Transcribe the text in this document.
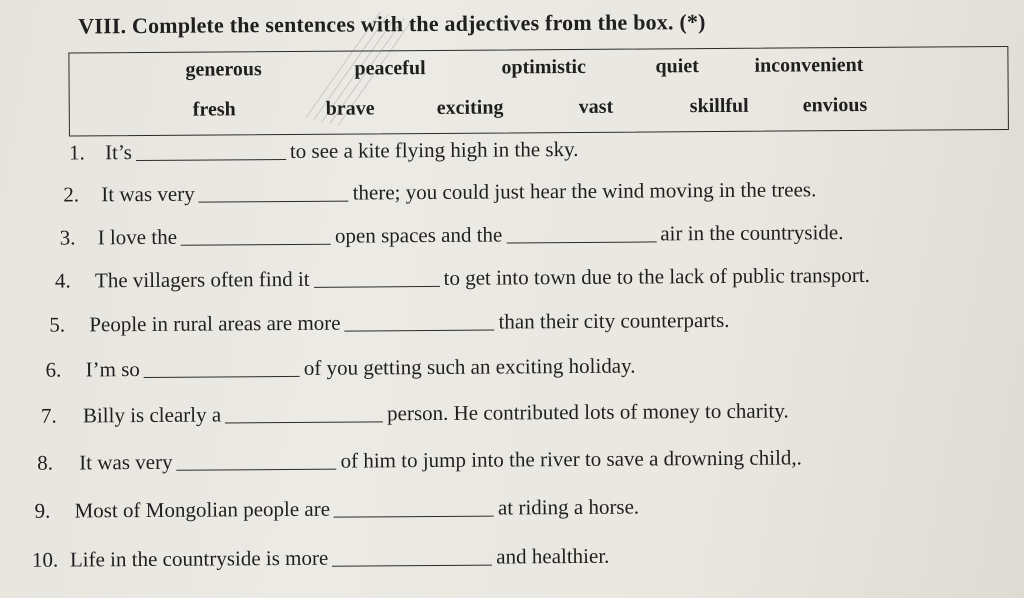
VIII. Complete the sentences with the adjectives from the box. (*)
generous	peaceful	optimistic	quiet	inconvenient
fresh	brave	exciting	vast	skillful	envious
1. It’s	to see a kite flying high in the sky.
2.	It was very	there; you could just hear the wind moving in the trees.
3.	I love the	open spaces and the	air in the countryside.
4.	The villagers often find it	to get into town due to the lack of public transport.
5.	People in rural areas are more	than their city counterparts.
6.	I’m so	of you getting such an exciting holiday.
7.	Billy is clearly a	person. He contributed lots of money to charity.
8.	It was very	of him to jump into the river to save a drowning child,.
9.	Most of Mongolian people are	at riding a horse.
10. Life in the countryside is more	and healthier.
